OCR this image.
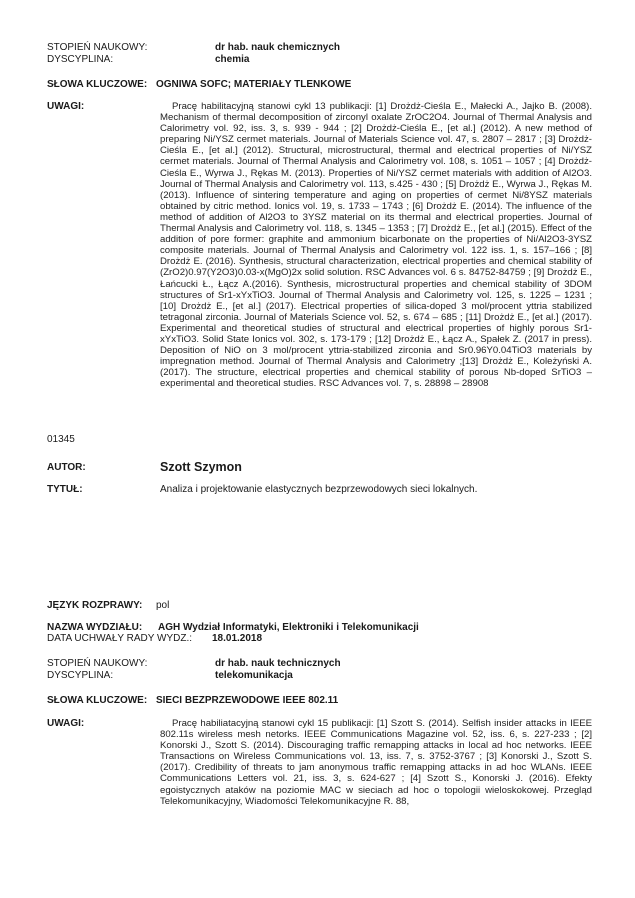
STOPIEŃ NAUKOWY:	dr hab. nauk chemicznych
DYSCYPLINA:	chemia
SŁOWA KLUCZOWE: OGNIWA SOFC; MATERIAŁY TLENKOWE
UWAGI:	Pracę habilitacyjną stanowi cykl 13 publikacji: [1] Drożdż-Cieśla E., Małecki A., Jajko B. (2008). Mechanism of thermal decomposition of zirconyl oxalate ZrOC2O4. Journal of Thermal Analysis and Calorimetry vol. 92, iss. 3, s. 939 - 944 ; [2] Drożdż-Cieśla E., [et al.] (2012). A new method of preparing Ni/YSZ cermet materials. Journal of Materials Science vol. 47, s. 2807 – 2817 ; [3] Drożdż-Cieśla E., [et al.] (2012). Structural, microstructural, thermal and electrical properties of Ni/YSZ cermet materials. Journal of Thermal Analysis and Calorimetry vol. 108, s. 1051 – 1057 ; [4] Drożdż-Cieśla E., Wyrwa J., Rękas M. (2013). Properties of Ni/YSZ cermet materials with addition of Al2O3. Journal of Thermal Analysis and Calorimetry vol. 113, s.425 - 430 ; [5] Drożdż E., Wyrwa J., Rękas M. (2013). Influence of sintering temperature and aging on properties of cermet Ni/8YSZ materials obtained by citric method. Ionics vol. 19, s. 1733 – 1743 ; [6] Drożdż E. (2014). The influence of the method of addition of Al2O3 to 3YSZ material on its thermal and electrical properties. Journal of Thermal Analysis and Calorimetry vol. 118, s. 1345 – 1353 ; [7] Drożdż E., [et al.] (2015). Effect of the addition of pore former: graphite and ammonium bicarbonate on the properties of Ni/Al2O3-3YSZ composite materials. Journal of Thermal Analysis and Calorimetry vol. 122 iss. 1, s. 157–166 ; [8] Drożdż E. (2016). Synthesis, structural characterization, electrical properties and chemical stability of (ZrO2)0.97(Y2O3)0.03-x(MgO)2x solid solution. RSC Advances vol. 6 s. 84752-84759 ; [9] Drożdż E., Łańcucki Ł., Łącz A.(2016). Synthesis, microstructural properties and chemical stability of 3DOM structures of Sr1-xYxTiO3. Journal of Thermal Analysis and Calorimetry vol. 125, s. 1225 – 1231 ; [10] Drożdż E., [et al.] (2017). Electrical properties of silica-doped 3 mol/procent yttria stabilized tetragonal zirconia. Journal of Materials Science vol. 52, s. 674 – 685 ; [11] Drożdż E., [et al.] (2017). Experimental and theoretical studies of structural and electrical properties of highly porous Sr1-xYxTiO3. Solid State Ionics vol. 302, s. 173-179 ; [12] Drożdż E., Łącz A., Spałek Z. (2017 in press). Deposition of NiO on 3 mol/procent yttria-stabilized zirconia and Sr0.96Y0.04TiO3 materials by impregnation method. Journal of Thermal Analysis and Calorimetry ;[13] Drożdż E., Koleżyński A. (2017). The structure, electrical properties and chemical stability of porous Nb-doped SrTiO3 – experimental and theoretical studies. RSC Advances vol. 7, s. 28898 – 28908
01345
AUTOR:	Szott Szymon
TYTUŁ:	Analiza i projektowanie elastycznych bezprzewodowych sieci lokalnych.
JĘZYK ROZPRAWY: pol
NAZWA WYDZIAŁU: AGH Wydział Informatyki, Elektroniki i Telekomunikacji
DATA UCHWAŁY RADY WYDZ.: 18.01.2018
STOPIEŃ NAUKOWY:	dr hab. nauk technicznych
DYSCYPLINA:	telekomunikacja
SŁOWA KLUCZOWE: SIECI BEZPRZEWODOWE IEEE 802.11
UWAGI:	Pracę habiliatacyjną stanowi cykl 15 publikacji: [1] Szott S. (2014). Selfish insider attacks in IEEE 802.11s wireless mesh netorks. IEEE Communications Magazine vol. 52, iss. 6, s. 227-233 ; [2] Konorski J., Szott S. (2014). Discouraging traffic remapping attacks in local ad hoc networks. IEEE Transactions on Wireless Communications vol. 13, iss. 7, s. 3752-3767 ; [3] Konorski J., Szott S. (2017). Credibility of threats to jam anonymous traffic remapping attacks in ad hoc WLANs. IEEE Communications Letters vol. 21, iss. 3, s. 624-627 ; [4] Szott S., Konorski J. (2016). Efekty egoistycznych ataków na poziomie MAC w sieciach ad hoc o topologii wieloskokowej. Przegląd Telekomunikacyjny, Wiadomości Telekomunikacyjne R. 88,
